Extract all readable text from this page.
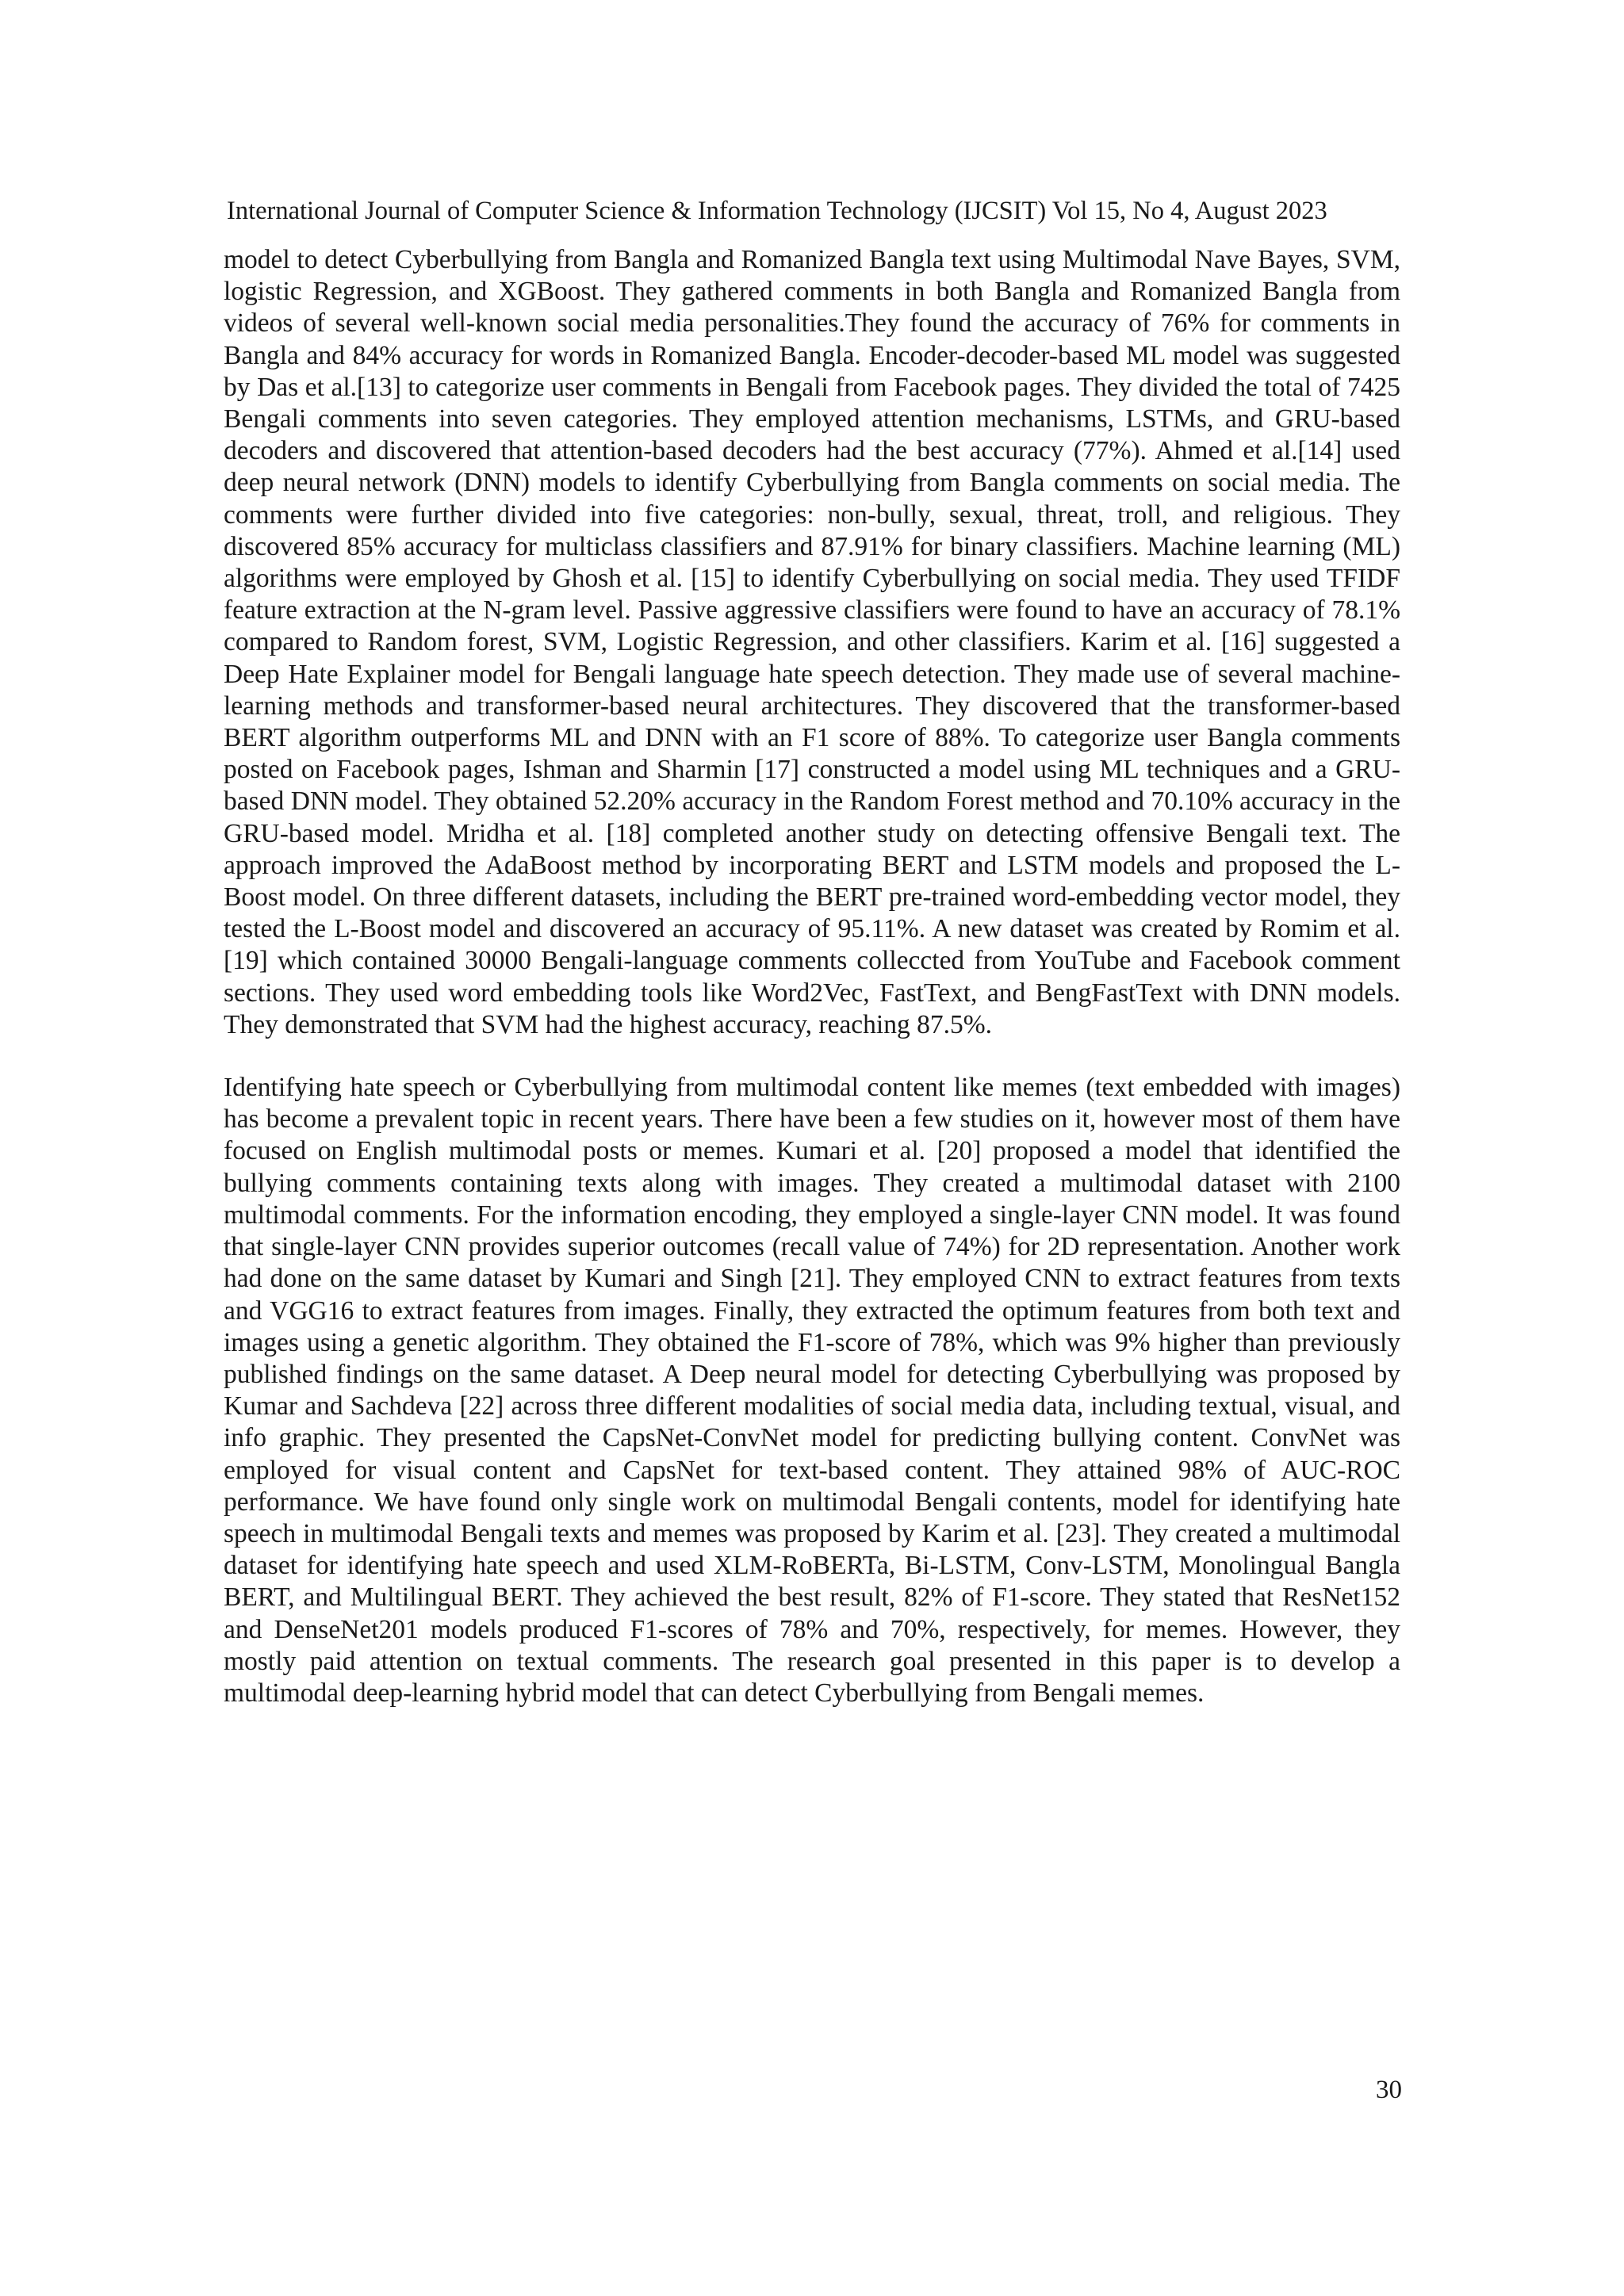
International Journal of Computer Science & Information Technology (IJCSIT) Vol 15, No 4, August 2023

model to detect Cyberbullying from Bangla and Romanized Bangla text using Multimodal Nave Bayes, SVM, logistic Regression, and XGBoost. They gathered comments in both Bangla and Romanized Bangla from videos of several well-known social media personalities.They found the accuracy of 76% for comments in Bangla and 84% accuracy for words in Romanized Bangla. Encoder-decoder-based ML model was suggested by Das et al.[13] to categorize user comments in Bengali from Facebook pages. They divided the total of 7425 Bengali comments into seven categories. They employed attention mechanisms, LSTMs, and GRU-based decoders and discovered that attention-based decoders had the best accuracy (77%). Ahmed et al.[14] used deep neural network (DNN) models to identify Cyberbullying from Bangla comments on social media. The comments were further divided into five categories: non-bully, sexual, threat, troll, and religious. They discovered 85% accuracy for multiclass classifiers and 87.91% for binary classifiers. Machine learning (ML) algorithms were employed by Ghosh et al. [15] to identify Cyberbullying on social media. They used TFIDF feature extraction at the N-gram level. Passive aggressive classifiers were found to have an accuracy of 78.1% compared to Random forest, SVM, Logistic Regression, and other classifiers. Karim et al. [16] suggested a Deep Hate Explainer model for Bengali language hate speech detection. They made use of several machine-learning methods and transformer-based neural architectures. They discovered that the transformer-based BERT algorithm outperforms ML and DNN with an F1 score of 88%. To categorize user Bangla comments posted on Facebook pages, Ishman and Sharmin [17] constructed a model using ML techniques and a GRU-based DNN model. They obtained 52.20% accuracy in the Random Forest method and 70.10% accuracy in the GRU-based model. Mridha et al. [18] completed another study on detecting offensive Bengali text. The approach improved the AdaBoost method by incorporating BERT and LSTM models and proposed the L-Boost model. On three different datasets, including the BERT pre-trained word-embedding vector model, they tested the L-Boost model and discovered an accuracy of 95.11%. A new dataset was created by Romim et al.[19] which contained 30000 Bengali-language comments colleccted from YouTube and Facebook comment sections. They used word embedding tools like Word2Vec, FastText, and BengFastText with DNN models. They demonstrated that SVM had the highest accuracy, reaching 87.5%.

Identifying hate speech or Cyberbullying from multimodal content like memes (text embedded with images) has become a prevalent topic in recent years. There have been a few studies on it, however most of them have focused on English multimodal posts or memes. Kumari et al. [20] proposed a model that identified the bullying comments containing texts along with images. They created a multimodal dataset with 2100 multimodal comments. For the information encoding, they employed a single-layer CNN model. It was found that single-layer CNN provides superior outcomes (recall value of 74%) for 2D representation. Another work had done on the same dataset by Kumari and Singh [21]. They employed CNN to extract features from texts and VGG16 to extract features from images. Finally, they extracted the optimum features from both text and images using a genetic algorithm. They obtained the F1-score of 78%, which was 9% higher than previously published findings on the same dataset. A Deep neural model for detecting Cyberbullying was proposed by Kumar and Sachdeva [22] across three different modalities of social media data, including textual, visual, and info graphic. They presented the CapsNet-ConvNet model for predicting bullying content. ConvNet was employed for visual content and CapsNet for text-based content. They attained 98% of AUC-ROC performance. We have found only single work on multimodal Bengali contents, model for identifying hate speech in multimodal Bengali texts and memes was proposed by Karim et al. [23]. They created a multimodal dataset for identifying hate speech and used XLM-RoBERTa, Bi-LSTM, Conv-LSTM, Monolingual Bangla BERT, and Multilingual BERT. They achieved the best result, 82% of F1-score. They stated that ResNet152 and DenseNet201 models produced F1-scores of 78% and 70%, respectively, for memes. However, they mostly paid attention on textual comments. The research goal presented in this paper is to develop a multimodal deep-learning hybrid model that can detect Cyberbullying from Bengali memes.

30
